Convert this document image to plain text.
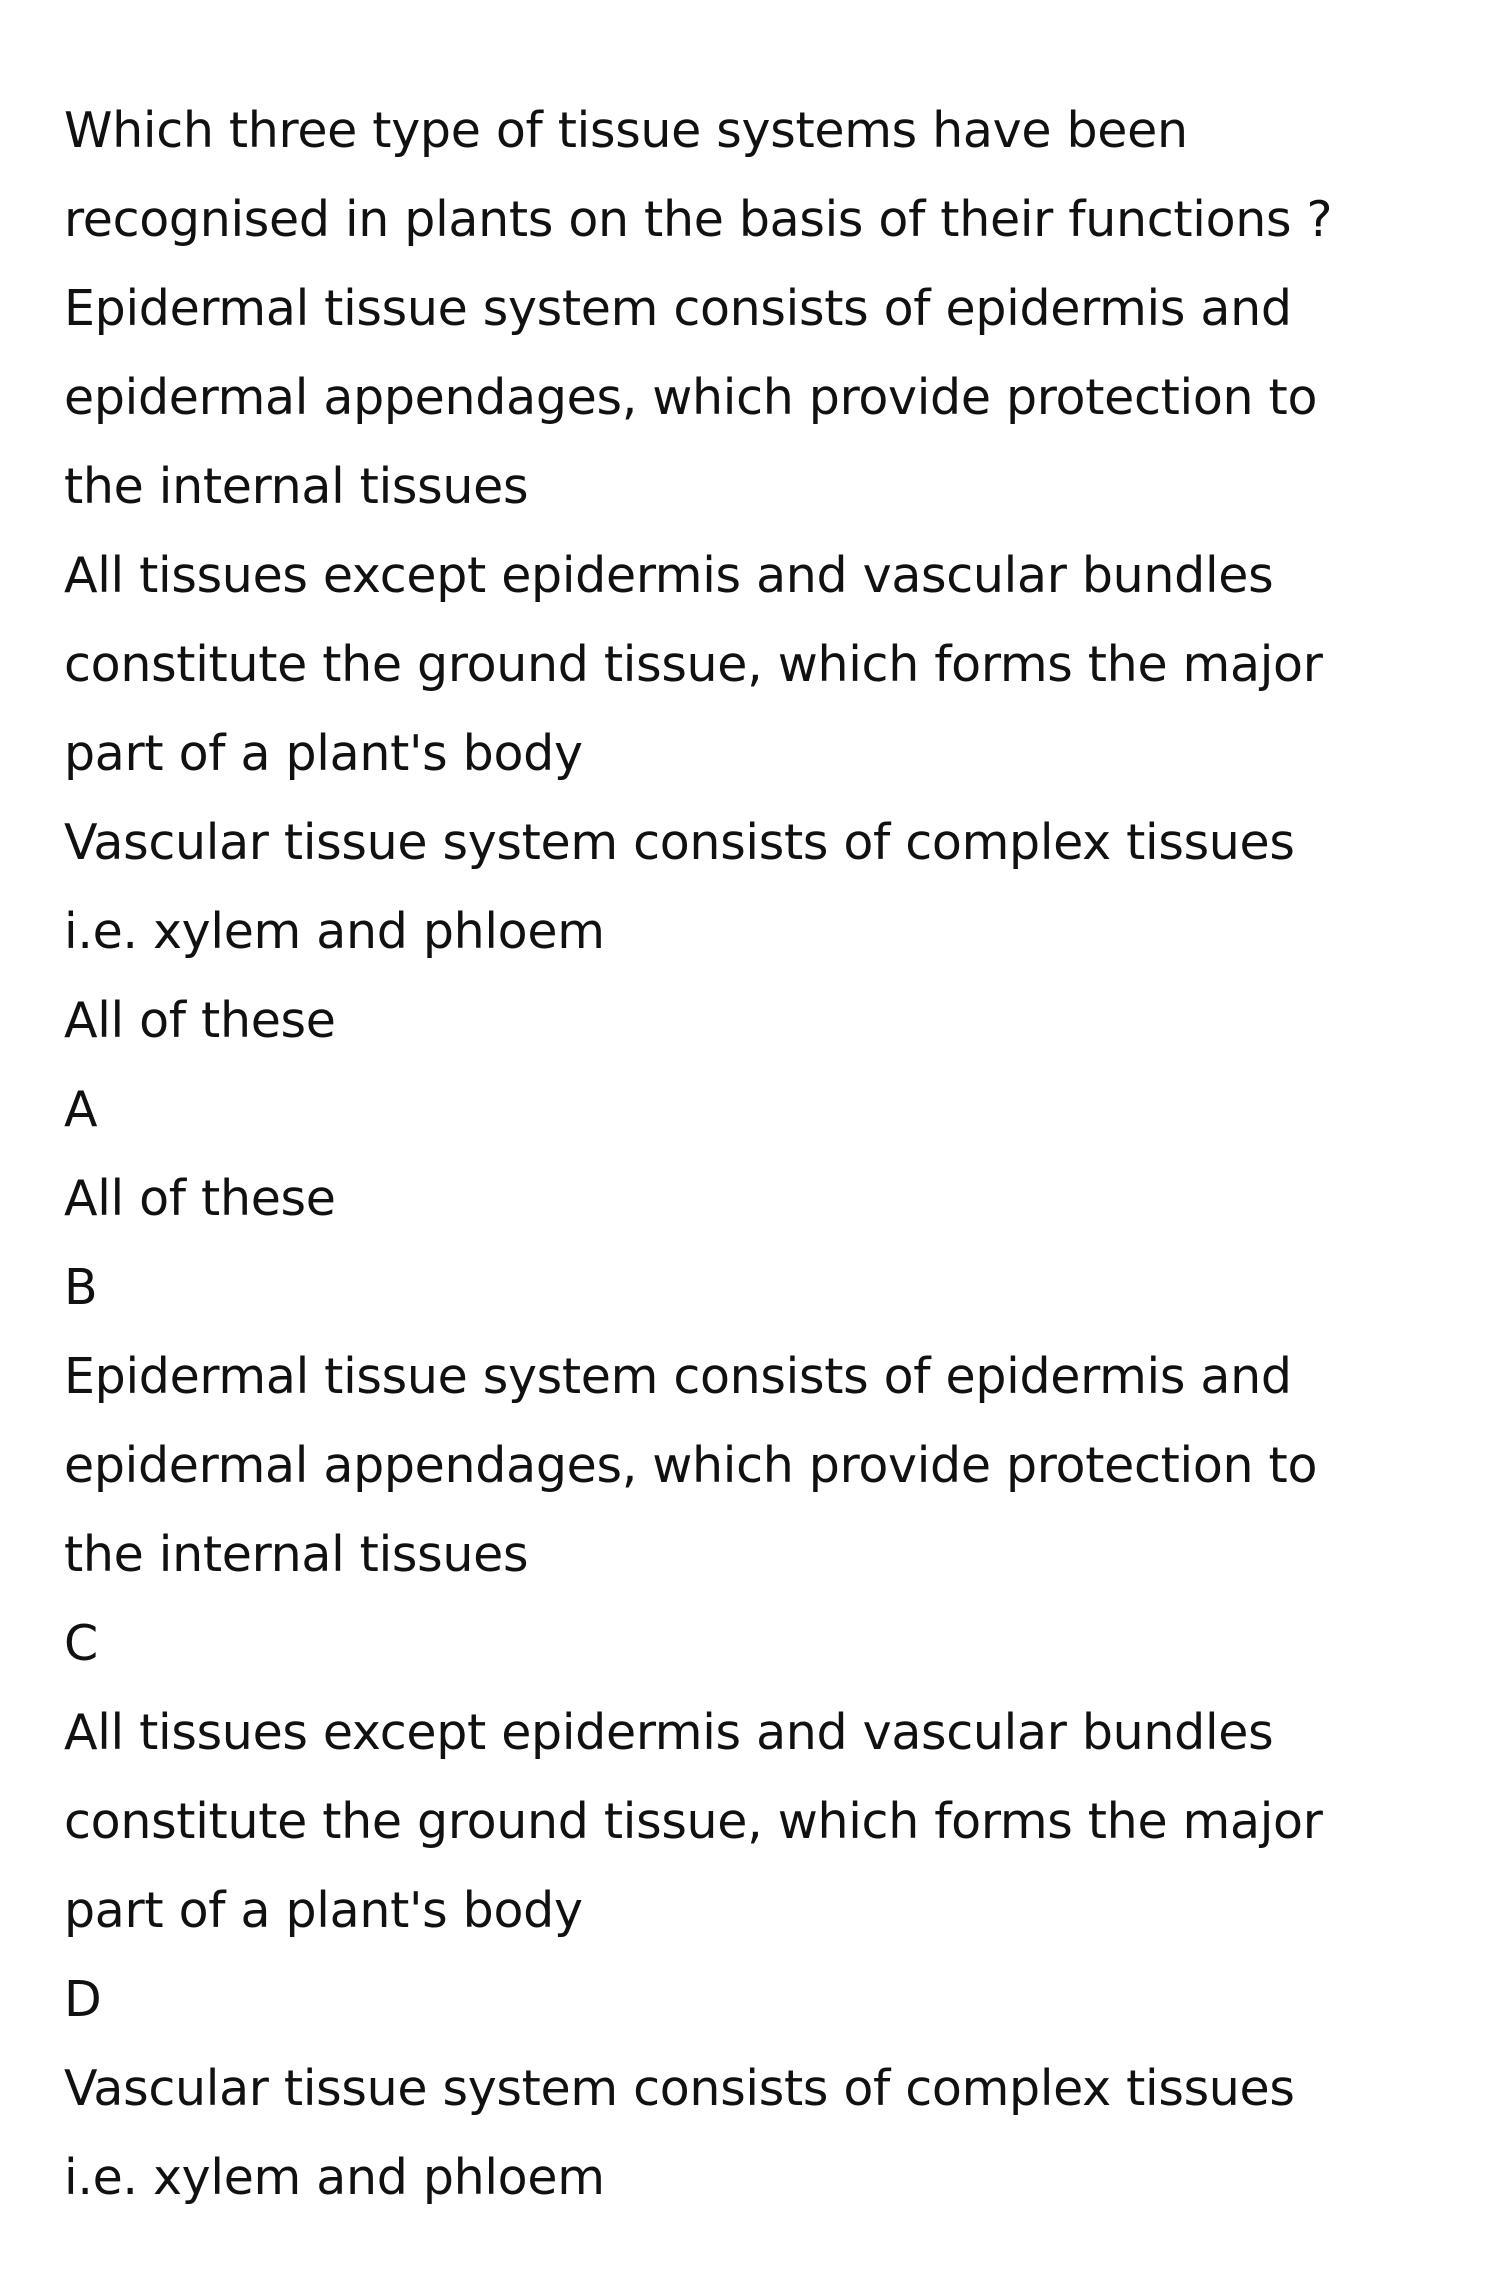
Which three type of tissue systems have been

recognised in plants on the basis of their functions ?

Epidermal tissue system consists of epidermis and

epidermal appendages, which provide protection to

the internal tissues

All tissues except epidermis and vascular bundles

constitute the ground tissue, which forms the major

part of a plant's body

Vascular tissue system consists of complex tissues

i.e. xylem and phloem

All of these

A

All of these

B

Epidermal tissue system consists of epidermis and

epidermal appendages, which provide protection to

the internal tissues

C

All tissues except epidermis and vascular bundles

constitute the ground tissue, which forms the major

part of a plant's body

D

Vascular tissue system consists of complex tissues

i.e. xylem and phloem
